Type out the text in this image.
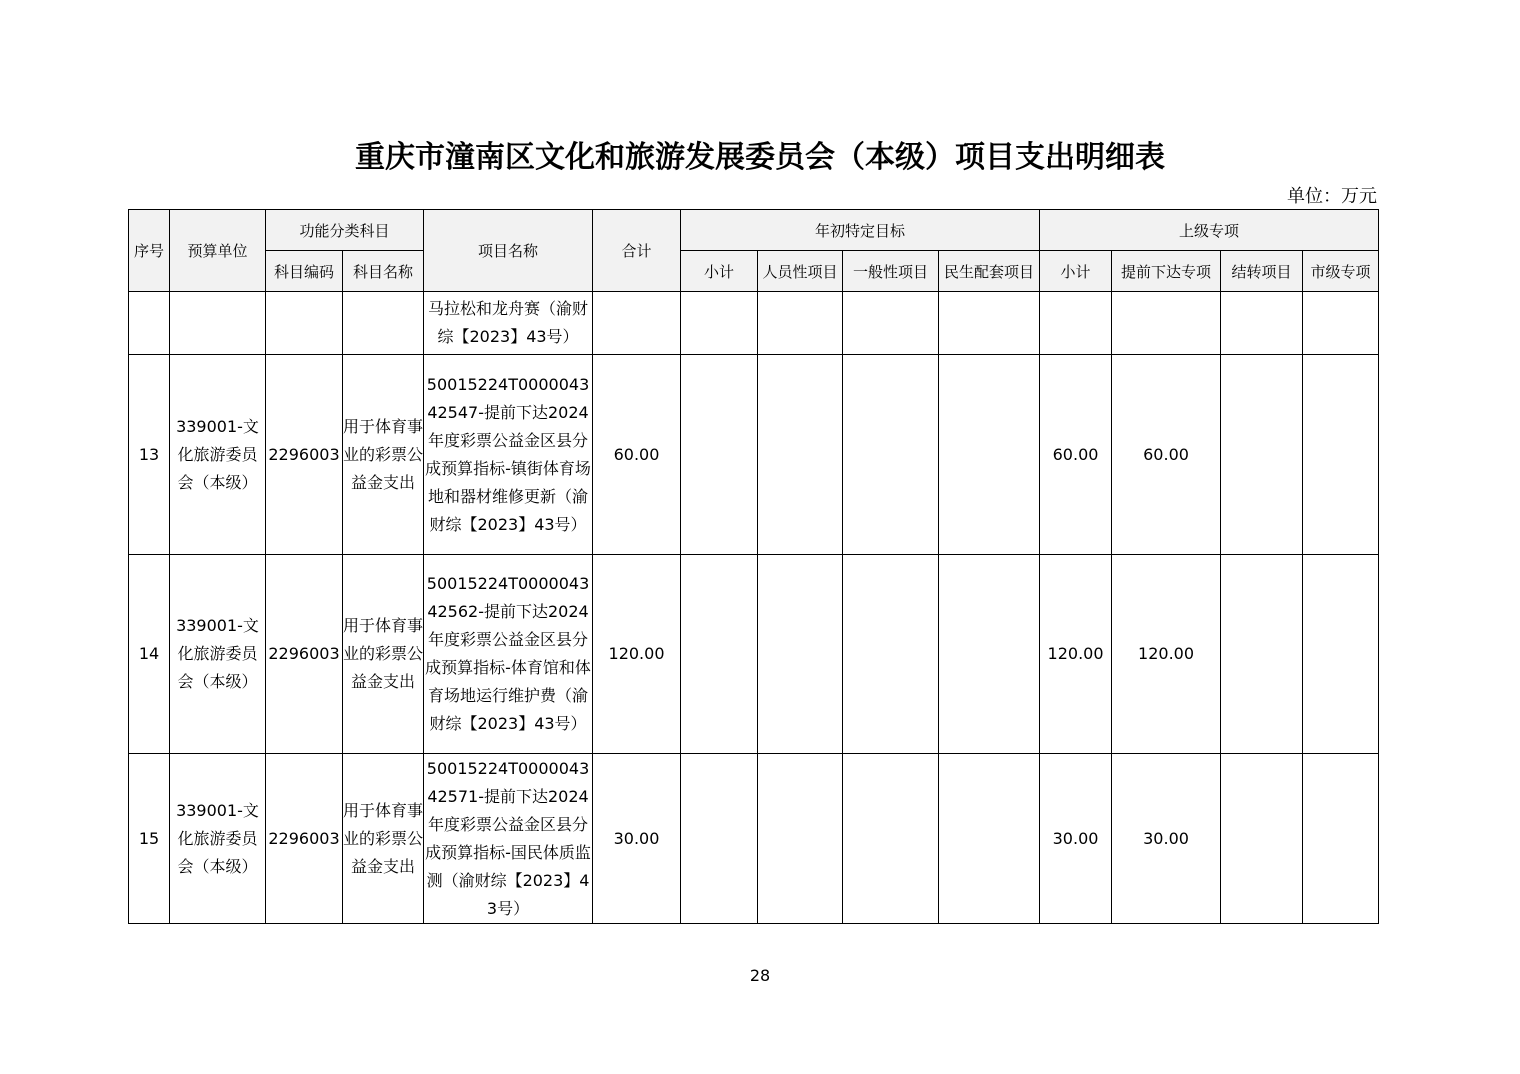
重庆市潼南区文化和旅游发展委员会（本级）项目支出明细表
单位：万元
序号	预算单位	功能分类科目		项目名称	合计	年初特定目标				上级专项			
		科目编码	科目名称			小计	人员性项目	一般性项目	民生配套项目	小计	提前下达专项	结转项目	市级专项
				马拉松和龙舟赛（渝财综【2023】43号）									
13	339001-文化旅游委员会（本级）	2296003	用于体育事业的彩票公益金支出	50015224T000004342547-提前下达2024年度彩票公益金区县分成预算指标-镇街体育场地和器材维修更新（渝财综【2023】43号）	60.00					60.00	60.00		
14	339001-文化旅游委员会（本级）	2296003	用于体育事业的彩票公益金支出	50015224T000004342562-提前下达2024年度彩票公益金区县分成预算指标-体育馆和体育场地运行维护费（渝财综【2023】43号）	120.00					120.00	120.00		
15	339001-文化旅游委员会（本级）	2296003	用于体育事业的彩票公益金支出	50015224T000004342571-提前下达2024年度彩票公益金区县分成预算指标-国民体质监测（渝财综【2023】43号）	30.00					30.00	30.00		
28
